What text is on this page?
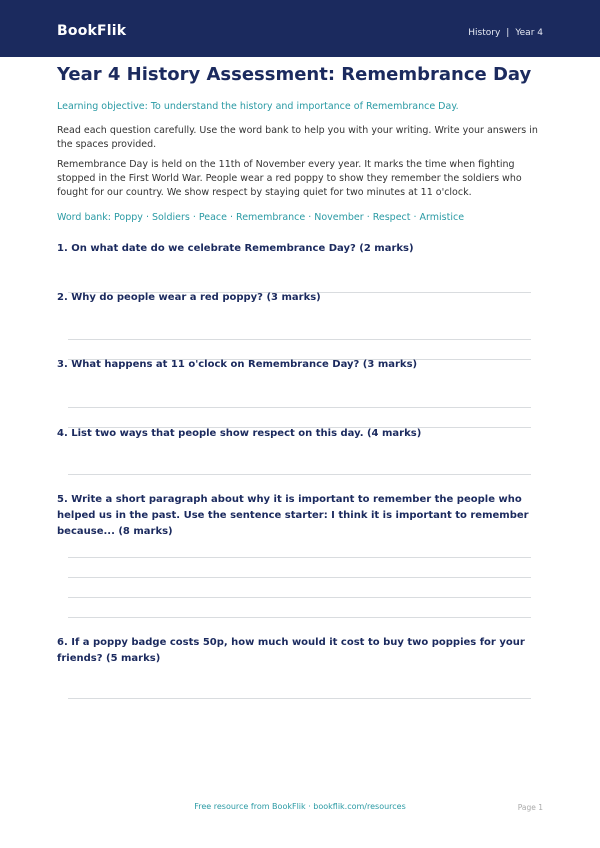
BookFlik	History | Year 4
Year 4 History Assessment: Remembrance Day
Learning objective: To understand the history and importance of Remembrance Day.

Read each question carefully. Use the word bank to help you with your writing. Write your answers in the spaces provided.

Remembrance Day is held on the 11th of November every year. It marks the time when fighting stopped in the First World War. People wear a red poppy to show they remember the soldiers who fought for our country. We show respect by staying quiet for two minutes at 11 o'clock.

Word bank: Poppy · Soldiers · Peace · Remembrance · November · Respect · Armistice

1. On what date do we celebrate Remembrance Day? (2 marks)

2. Why do people wear a red poppy? (3 marks)

3. What happens at 11 o'clock on Remembrance Day? (3 marks)

4. List two ways that people show respect on this day. (4 marks)

5. Write a short paragraph about why it is important to remember the people who helped us in the past. Use the sentence starter: I think it is important to remember because... (8 marks)

6. If a poppy badge costs 50p, how much would it cost to buy two poppies for your friends? (5 marks)

Free resource from BookFlik · bookflik.com/resources	Page 1
